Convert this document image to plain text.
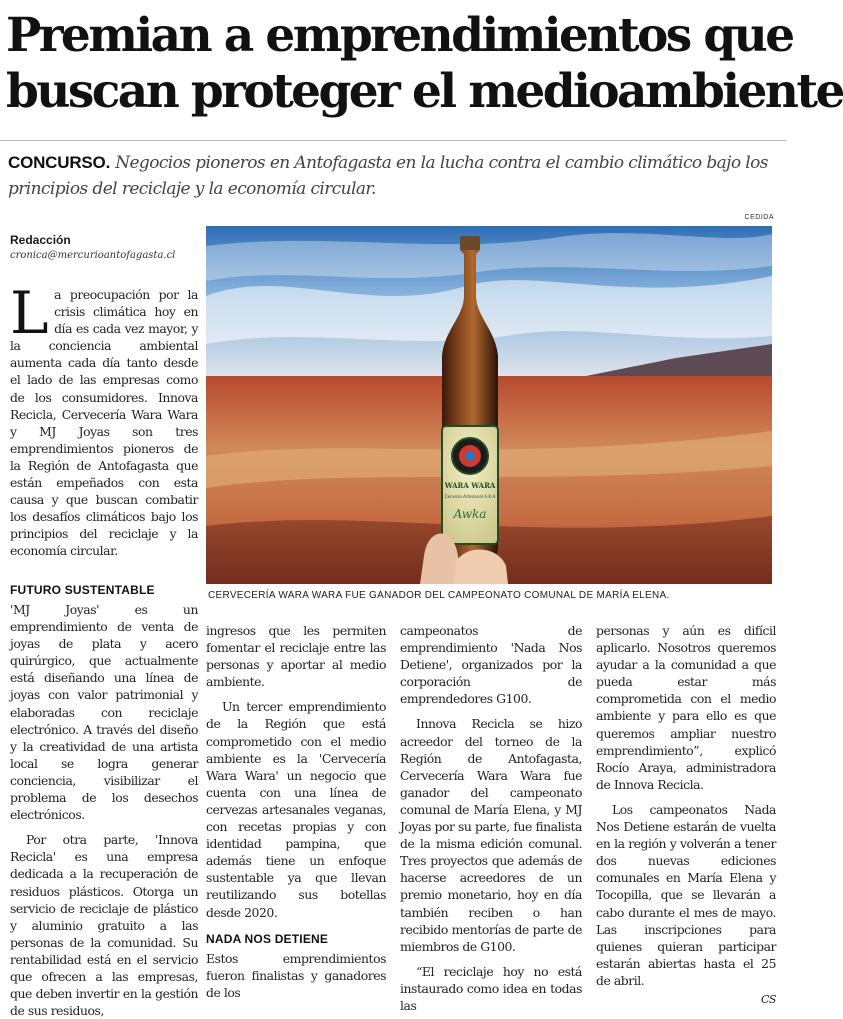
Premian a emprendimientos que
buscan proteger el medioambiente
CONCURSO. Negocios pioneros en Antofagasta en la lucha contra el cambio climático bajo los principios del reciclaje y la economía circular.
CEDIDA
Redacción
cronica@mercurioantofagasta.cl
WARA WARA
Cerveza Artesanal A.K.A
Awka
CERVECERÍA WARA WARA FUE GANADOR DEL CAMPEONATO COMUNAL DE MARÍA ELENA.
L a preocupación por la crisis climática hoy en día es cada vez mayor, y la conciencia ambiental aumenta cada día tanto desde el lado de las empresas como de los consumidores. Innova Recicla, Cervecería Wara Wara y MJ Joyas son tres emprendimientos pioneros de la Región de Antofagasta que están empeñados con esta causa y que buscan combatir los desafíos climáticos bajo los principios del reciclaje y la economía circular.

FUTURO SUSTENTABLE

'MJ Joyas' es un emprendimiento de venta de joyas de plata y acero quirúrgico, que actualmente está diseñando una línea de joyas con valor patrimonial y elaboradas con reciclaje electrónico. A través del diseño y la creatividad de una artista local se logra generar conciencia, visibilizar el problema de los desechos electrónicos.

Por otra parte, 'Innova Recicla' es una empresa dedicada a la recuperación de residuos plásticos. Otorga un servicio de reciclaje de plástico y aluminio gratuito a las personas de la comunidad. Su rentabilidad está en el servicio que ofrecen a las empresas, que deben invertir en la gestión de sus residuos,

ingresos que les permiten fomentar el reciclaje entre las personas y aportar al medio ambiente.

Un tercer emprendimiento de la Región que está comprometido con el medio ambiente es la 'Cervecería Wara Wara' un negocio que cuenta con una línea de cervezas artesanales veganas, con recetas propias y con identidad pampina, que además tiene un enfoque sustentable ya que llevan reutilizando sus botellas desde 2020.

NADA NOS DETIENE

Estos emprendimientos fueron finalistas y ganadores de los

campeonatos de emprendimiento 'Nada Nos Detiene', organizados por la corporación de emprendedores G100.

Innova Recicla se hizo acreedor del torneo de la Región de Antofagasta, Cervecería Wara Wara fue ganador del campeonato comunal de María Elena, y MJ Joyas por su parte, fue finalista de la misma edición comunal. Tres proyectos que además de hacerse acreedores de un premio monetario, hoy en día también reciben o han recibido mentorías de parte de miembros de G100.

“El reciclaje hoy no está instaurado como idea en todas las

personas y aún es difícil aplicarlo. Nosotros queremos ayudar a la comunidad a que pueda estar más comprometida con el medio ambiente y para ello es que queremos ampliar nuestro emprendimiento”, explicó Rocío Araya, administradora de Innova Recicla.

Los campeonatos Nada Nos Detiene estarán de vuelta en la región y volverán a tener dos nuevas ediciones comunales en María Elena y Tocopilla, que se llevarán a cabo durante el mes de mayo. Las inscripciones para quienes quieran participar estarán abiertas hasta el 25 de abril.

CS
